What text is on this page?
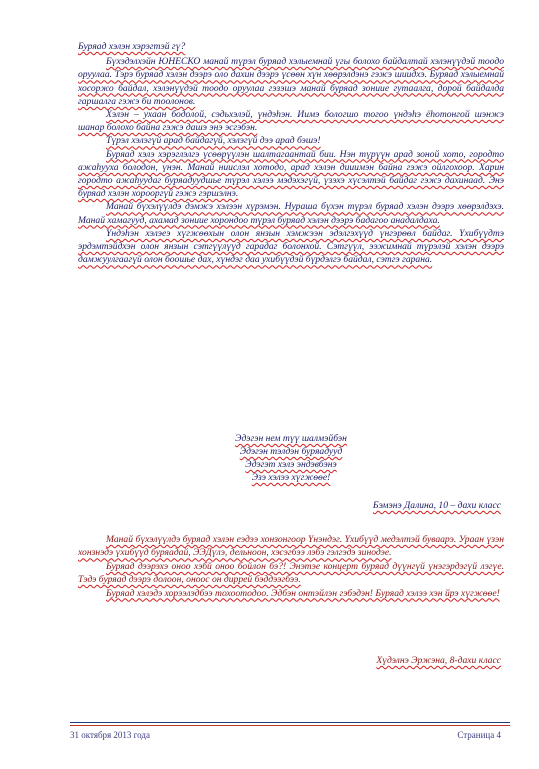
Буряад хэлэн хэрэгтэй гү?

Бүхэдэлхэйн ЮНЕСКО манай түрэл буряад хэлыемнай үгы болохо байдалтай хэлэнүүдэй тоодо оруулаа. Тэрэ буряад хэлэн дээрэ оло дахин дээрэ үсөөн хүн хөөрэлдэнэ гэжэ шиидхэ. Буряад хэлыемнай хосоржо байдал, хэлэнүүдэй тоодо оруулаа гэзэшэ манай буряад зониие гутаалга, дорой байдалда гаршалга гэжэ би тоолонов.

Хэлэн – ухаан бодолой, сэдьхэлэй, үндэһэн. Иимэ бологшо тогоо үндэһэ ёһотонгой шэнжэ шанар болохо байна гэжэ дашэ энэ эсгэбэн.

Түрэл хэлэгүй арад байдагүй, хэлэгүй дээ арад бэшэ!

Буряад хэлэ хэрэглэлгэ үсөөрүүлэн шалтагаантай бии. Нэн түрүүн арад зоной хото, городто ажаһууха болодон, үнэн. Манай ниислэл хотодо, арад хэлэн дииимэн байна гэжэ ойлгохоор. Харин городто ажаһуудаг буряадуудшье түрэл хэлээ мэдэхэгүй, үзэхэ хүсэлтэй байдаг гэжэ дахинаад. Энэ буряад хэлэн хорооргүй гэжэ гэршэлнэ.

Манай бүхэлүүлдэ дэмжэ хэлээн хүрэмэн. Нураша бүхэн түрэл буряад хэлэн дээрэ хөөрэлдэхэ. Манай хамагууд, ахамад зониие хорондоо түрэл буряад хэлэн дээрэ бадагоо анадалдаха.

Үндэһэн хэлэеэ хүгжөөхын олон янзын хэмжээн эдэлгэхүүд үнгэрөөл байдаг. Үхибүүдтэ эрдэмтэйдхэн олон янзын сэтгүүлүүд гарадаг болонхой. Сэтгүүл, ээжимнай түрэлэй хэлэн дээрэ дамжуулгаагүй олон боошье дах, хүндэг даа ухибүүдэй бүрдэлгэ байдал, сэтгэ гарана.

Эдэгэн нем түү шалмэйбэн
Эдэгэн тэлдэн буряадууд
Эдэгэт хэлэ эндэвбэнэ
Эзэ хэлээ хүгжөөе!
Бэмэнэ Далина, 10 – дахи класс

Манай бүхэлүүлдэ буряад хэлэн еэдээ хонзонгоор Үнэндэг. Үхибүүд медэлтэй буваарэ. Ураан үзэн хонзнэдэ үхибүүд буряадай, ЭЭДүлэ, дельноон, хэсэгбээ лэбэ гэлгэдэ зинодэе.

Буряад дээрэхэ оноо хэбй оноо бойлон бэ?! Энэтэе концерт буряад дүүнгүй үнэгэрдэгүй лэгүе. Тэдэ буряад дээрэ долоон, оноос он диррей бэддээгбээ.

Буряад хэлэдэ хорээлэдбээ тохоотодоо. Эдбэн онтэйлэн гэбэдэн! Буряад хэлээ хэн йрэ хүгжөөе!

Хүдэлнэ Эржэна, 8-дахи класс
31 октября 2013 года	Страница 4
